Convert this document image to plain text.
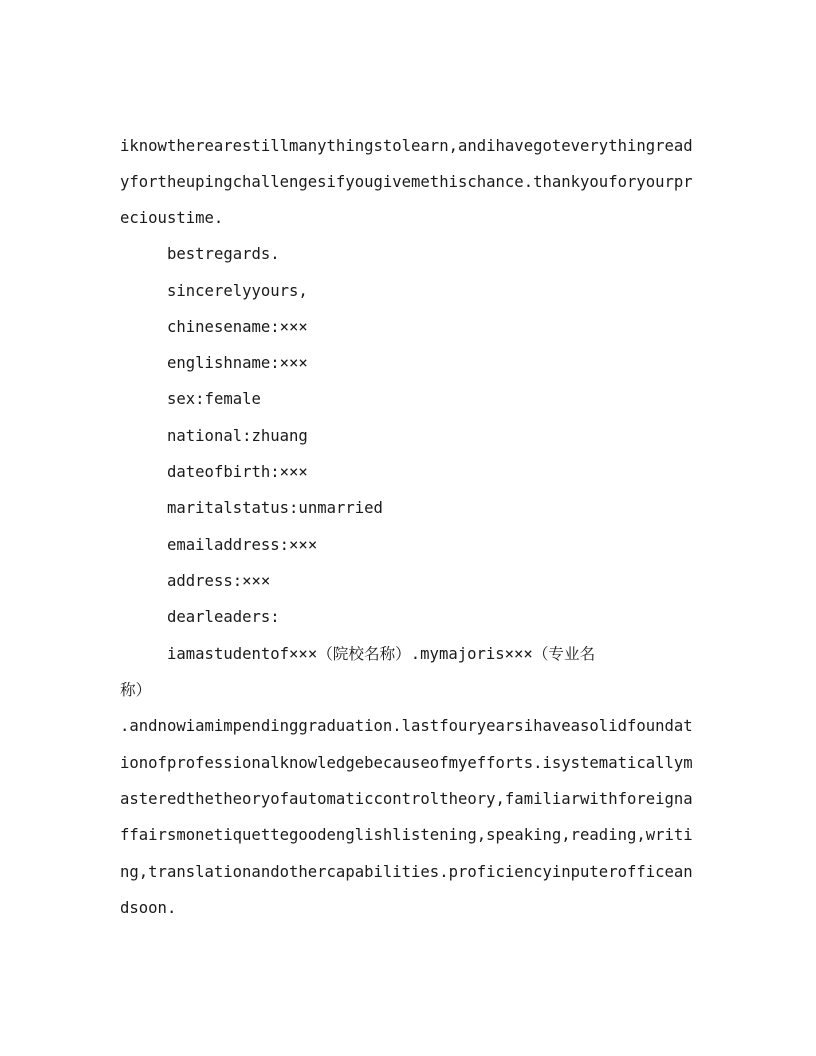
iknowtherearestillmanythingstolearn,andihavegoteverythingread
yfortheupingchallengesifyougivemethischance.thankyouforyourpr
ecioustime.
bestregards.
sincerelyyours,
chinesename:×××
englishname:×××
sex:female
national:zhuang
dateofbirth:×××
maritalstatus:unmarried
emailaddress:×××
address:×××
dearleaders:
iamastudentof×××（院校名称）.mymajoris×××（专业名
称）
.andnowiamimpendinggraduation.lastfouryearsihaveasolidfoundat
ionofprofessionalknowledgebecauseofmyefforts.isystematicallym
asteredthetheoryofautomaticcontroltheory,familiarwithforeigna
ffairsmonetiquettegoodenglishlistening,speaking,reading,writi
ng,translationandothercapabilities.proficiencyinputerofficean
dsoon.
